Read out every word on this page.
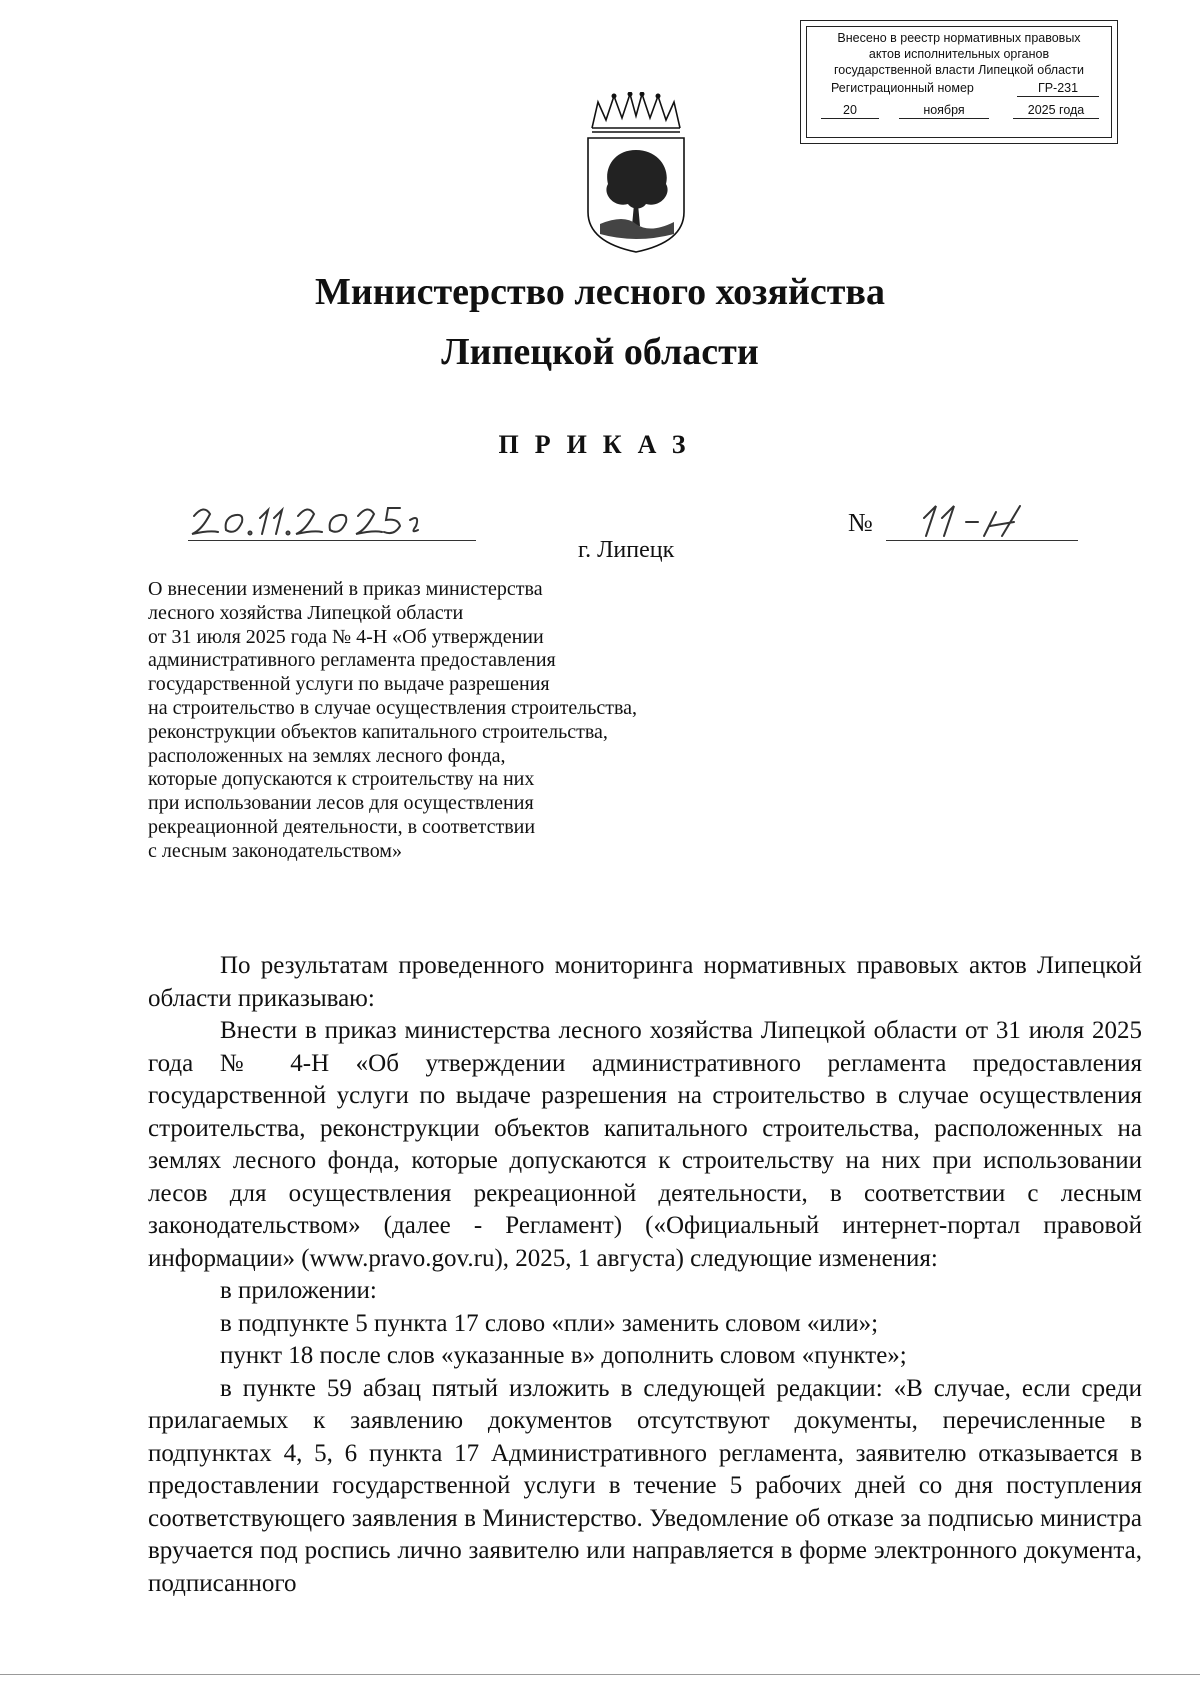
Внесено в реестр нормативных правовых
актов исполнительных органов
государственной власти Липецкой области
Регистрационный номер	ГР-231
20	ноября	2025 года
Министерство лесного хозяйства
Липецкой области
ПРИКАЗ
№
г. Липецк
О внесении изменений в приказ министерства
лесного хозяйства Липецкой области
от 31 июля 2025 года № 4-Н «Об утверждении
административного регламента предоставления
государственной услуги по выдаче разрешения
на строительство в случае осуществления строительства,
реконструкции объектов капитального строительства,
расположенных на землях лесного фонда,
которые допускаются к строительству на них
при использовании лесов для осуществления
рекреационной деятельности, в соответствии
с лесным законодательством»
По результатам проведенного мониторинга нормативных правовых актов Липецкой области приказываю:
Внести в приказ министерства лесного хозяйства Липецкой области от 31 июля 2025 года № 4-Н «Об утверждении административного регламента предоставления государственной услуги по выдаче разрешения на строительство в случае осуществления строительства, реконструкции объектов капитального строительства, расположенных на землях лесного фонда, которые допускаются к строительству на них при использовании лесов для осуществления рекреационной деятельности, в соответствии с лесным законодательством» (далее - Регламент) («Официальный интернет-портал правовой информации» (www.pravo.gov.ru), 2025, 1 августа) следующие изменения:
в приложении:
в подпункте 5 пункта 17 слово «пли» заменить словом «или»;
пункт 18 после слов «указанные в» дополнить словом «пункте»;
в пункте 59 абзац пятый изложить в следующей редакции: «В случае, если среди прилагаемых к заявлению документов отсутствуют документы, перечисленные в подпунктах 4, 5, 6 пункта 17 Административного регламента, заявителю отказывается в предоставлении государственной услуги в течение 5 рабочих дней со дня поступления соответствующего заявления в Министерство. Уведомление об отказе за подписью министра вручается под роспись лично заявителю или направляется в форме электронного документа, подписанного
